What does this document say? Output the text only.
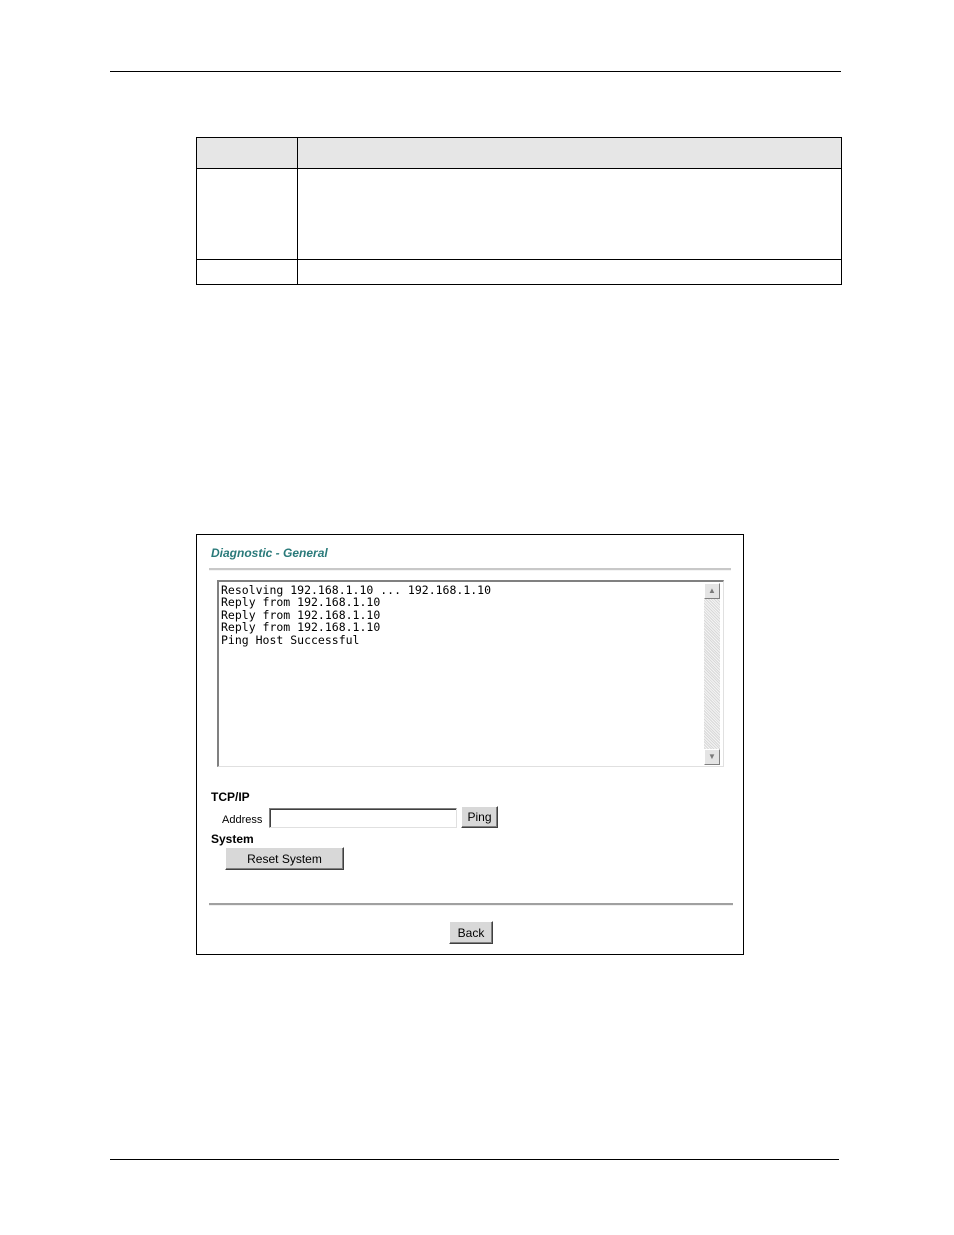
Diagnostic - General
Resolving 192.168.1.10 ... 192.168.1.10
Reply from 192.168.1.10
Reply from 192.168.1.10
Reply from 192.168.1.10
Ping Host Successful
▲
▼
TCP/IP
Address	Ping
System
Reset System
Back
